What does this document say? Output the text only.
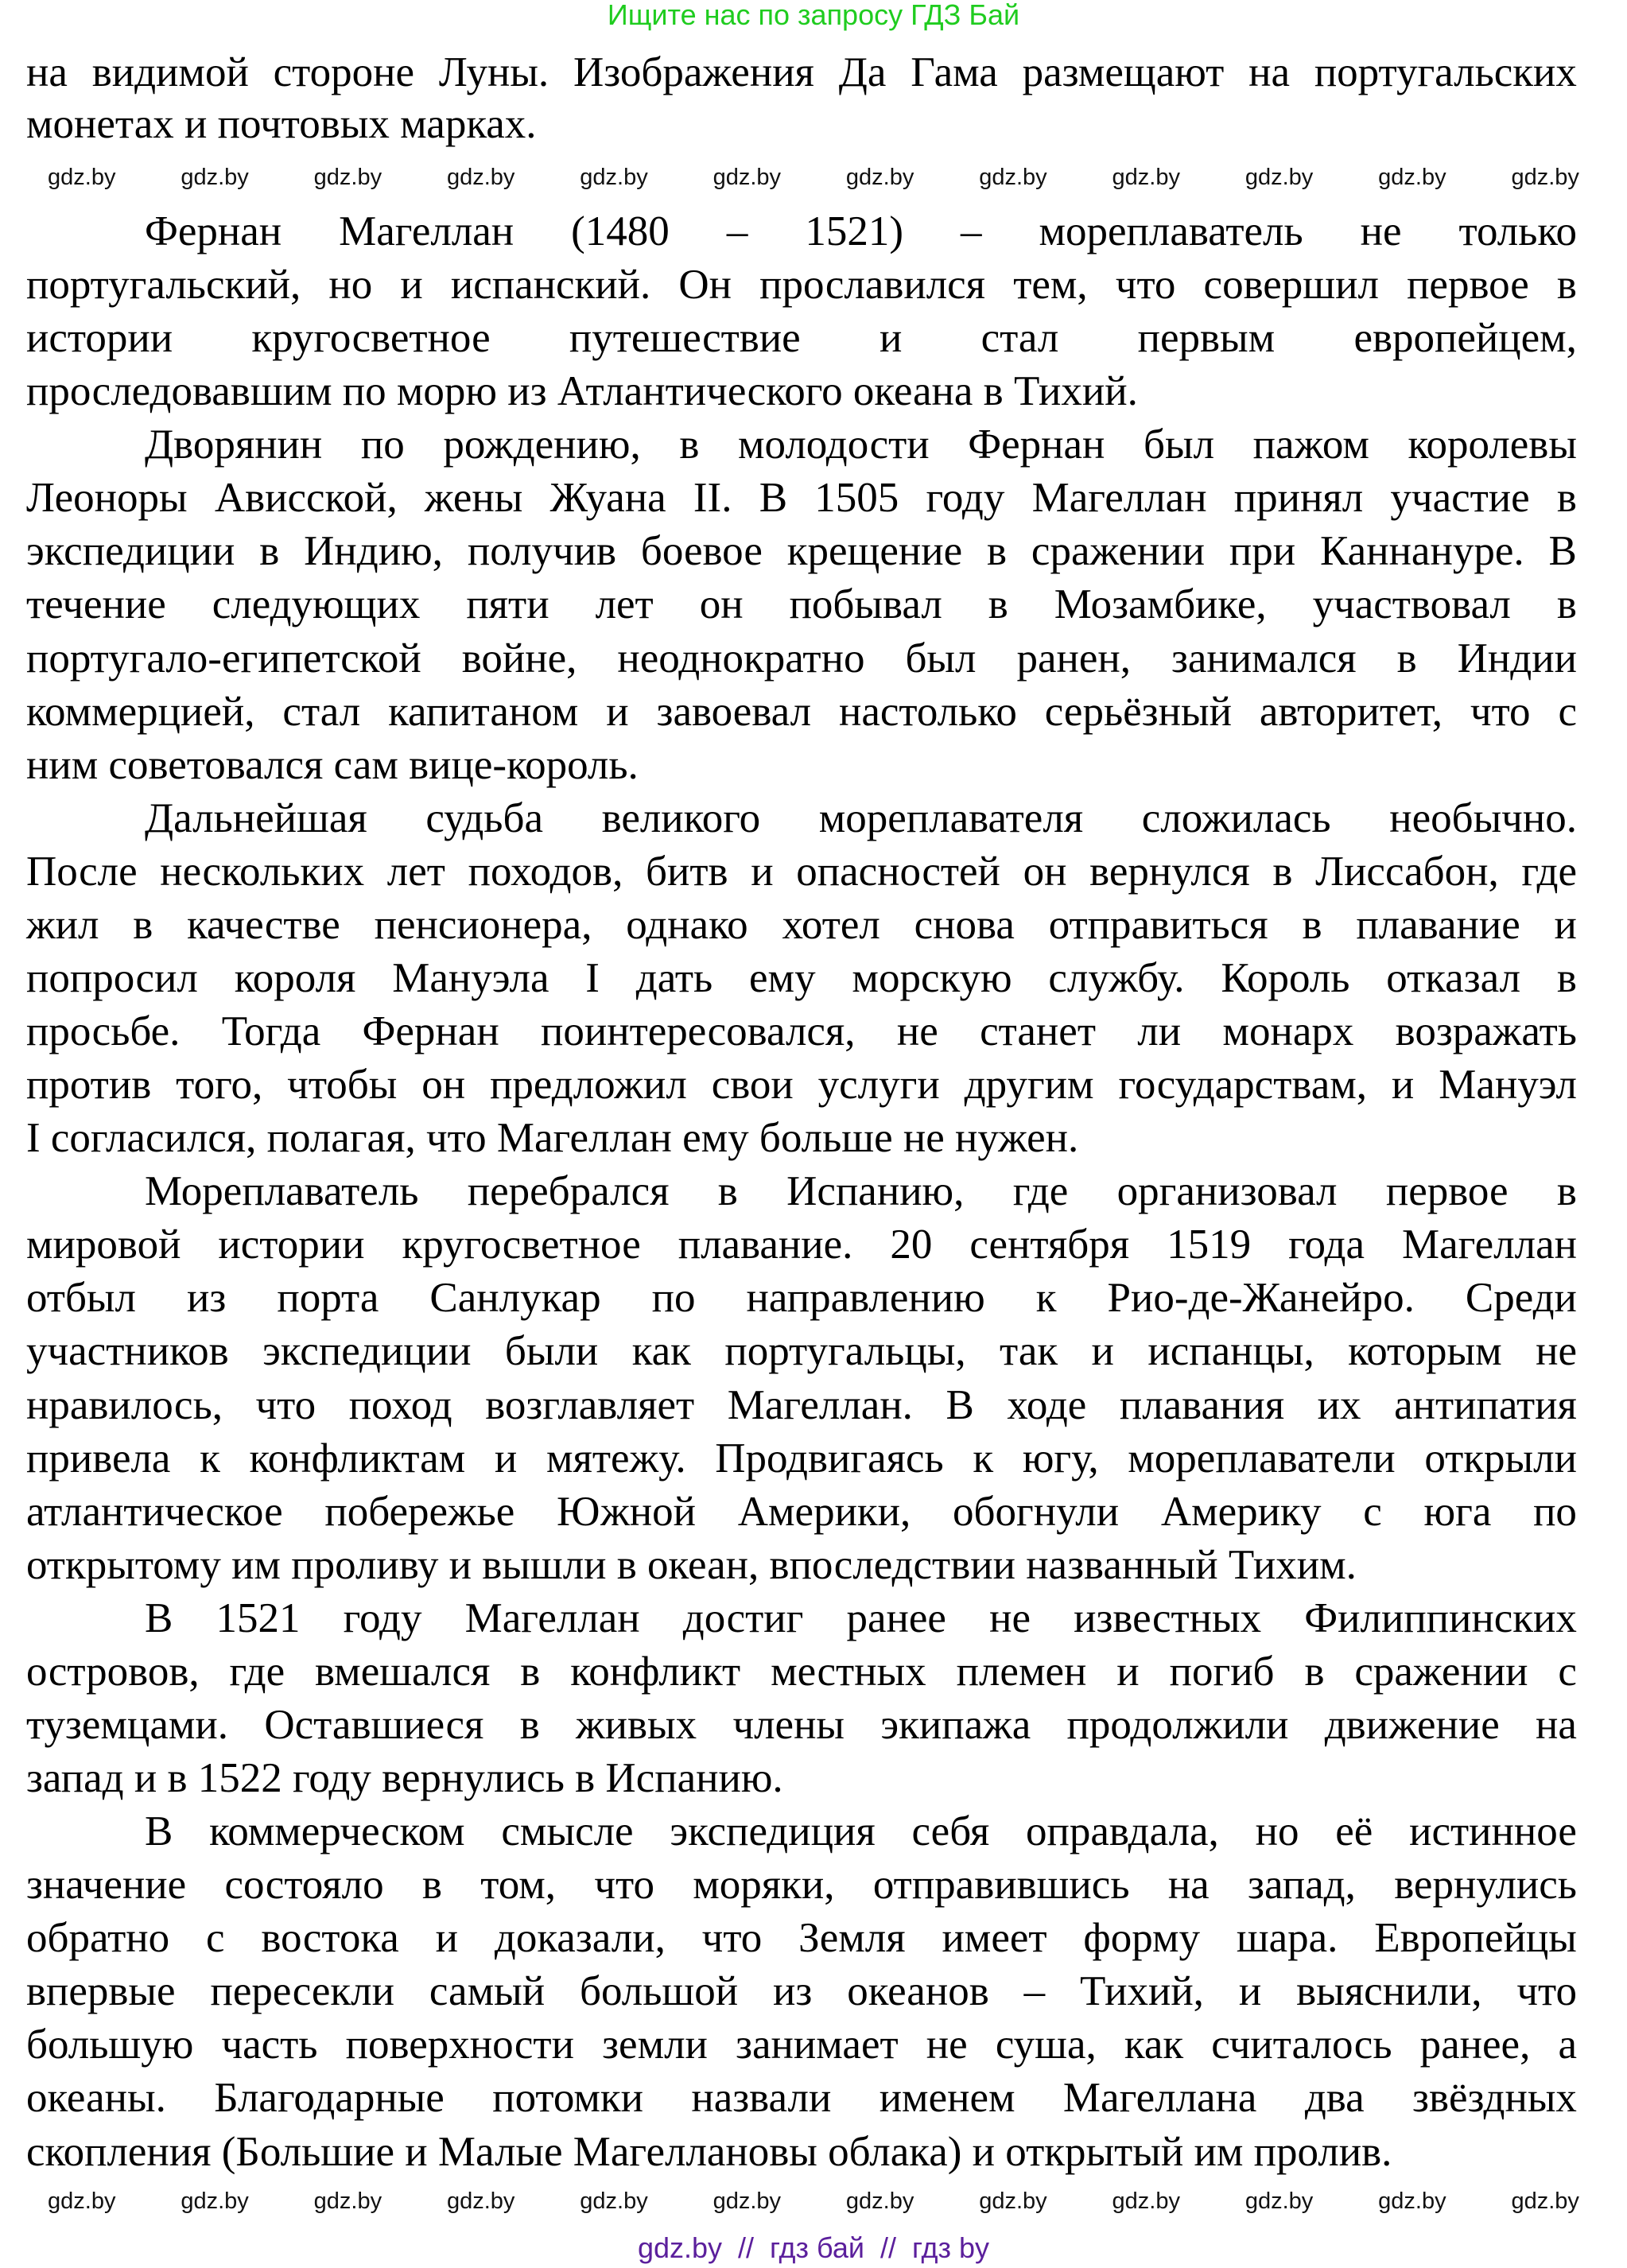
Ищите нас по запросу ГДЗ Бай
на видимой стороне Луны. Изображения Да Гама размещают на португальских
монетах и почтовых марках.
Фернан Магеллан (1480 – 1521) – мореплаватель не только
португальский, но и испанский. Он прославился тем, что совершил первое в
истории кругосветное путешествие и стал первым европейцем,
проследовавшим по морю из Атлантического океана в Тихий.
Дворянин по рождению, в молодости Фернан был пажом королевы
Леоноры Ависской, жены Жуана II. В 1505 году Магеллан принял участие в
экспедиции в Индию, получив боевое крещение в сражении при Каннануре. В
течение следующих пяти лет он побывал в Мозамбике, участвовал в
португало-египетской войне, неоднократно был ранен, занимался в Индии
коммерцией, стал капитаном и завоевал настолько серьёзный авторитет, что с
ним советовался сам вице-король.
Дальнейшая судьба великого мореплавателя сложилась необычно.
После нескольких лет походов, битв и опасностей он вернулся в Лиссабон, где
жил в качестве пенсионера, однако хотел снова отправиться в плавание и
попросил короля Мануэла I дать ему морскую службу. Король отказал в
просьбе. Тогда Фернан поинтересовался, не станет ли монарх возражать
против того, чтобы он предложил свои услуги другим государствам, и Мануэл
I согласился, полагая, что Магеллан ему больше не нужен.
Мореплаватель перебрался в Испанию, где организовал первое в
мировой истории кругосветное плавание. 20 сентября 1519 года Магеллан
отбыл из порта Санлукар по направлению к Рио-де-Жанейро. Среди
участников экспедиции были как португальцы, так и испанцы, которым не
нравилось, что поход возглавляет Магеллан. В ходе плавания их антипатия
привела к конфликтам и мятежу. Продвигаясь к югу, мореплаватели открыли
атлантическое побережье Южной Америки, обогнули Америку с юга по
открытому им проливу и вышли в океан, впоследствии названный Тихим.
В 1521 году Магеллан достиг ранее не известных Филиппинских
островов, где вмешался в конфликт местных племен и погиб в сражении с
туземцами. Оставшиеся в живых члены экипажа продолжили движение на
запад и в 1522 году вернулись в Испанию.
В коммерческом смысле экспедиция себя оправдала, но её истинное
значение состояло в том, что моряки, отправившись на запад, вернулись
обратно с востока и доказали, что Земля имеет форму шара. Европейцы
впервые пересекли самый большой из океанов – Тихий, и выяснили, что
большую часть поверхности земли занимает не суша, как считалось ранее, а
океаны. Благодарные потомки назвали именем Магеллана два звёздных
скопления (Большие и Малые Магеллановы облака) и открытый им пролив.
gdz.by	gdz.by	gdz.by	gdz.by	gdz.by	gdz.by	gdz.by	gdz.by	gdz.by	gdz.by	gdz.by	gdz.by
gdz.by	gdz.by	gdz.by	gdz.by	gdz.by	gdz.by	gdz.by	gdz.by	gdz.by	gdz.by	gdz.by	gdz.by
gdz.by  //  гдз бай  //  гдз by
